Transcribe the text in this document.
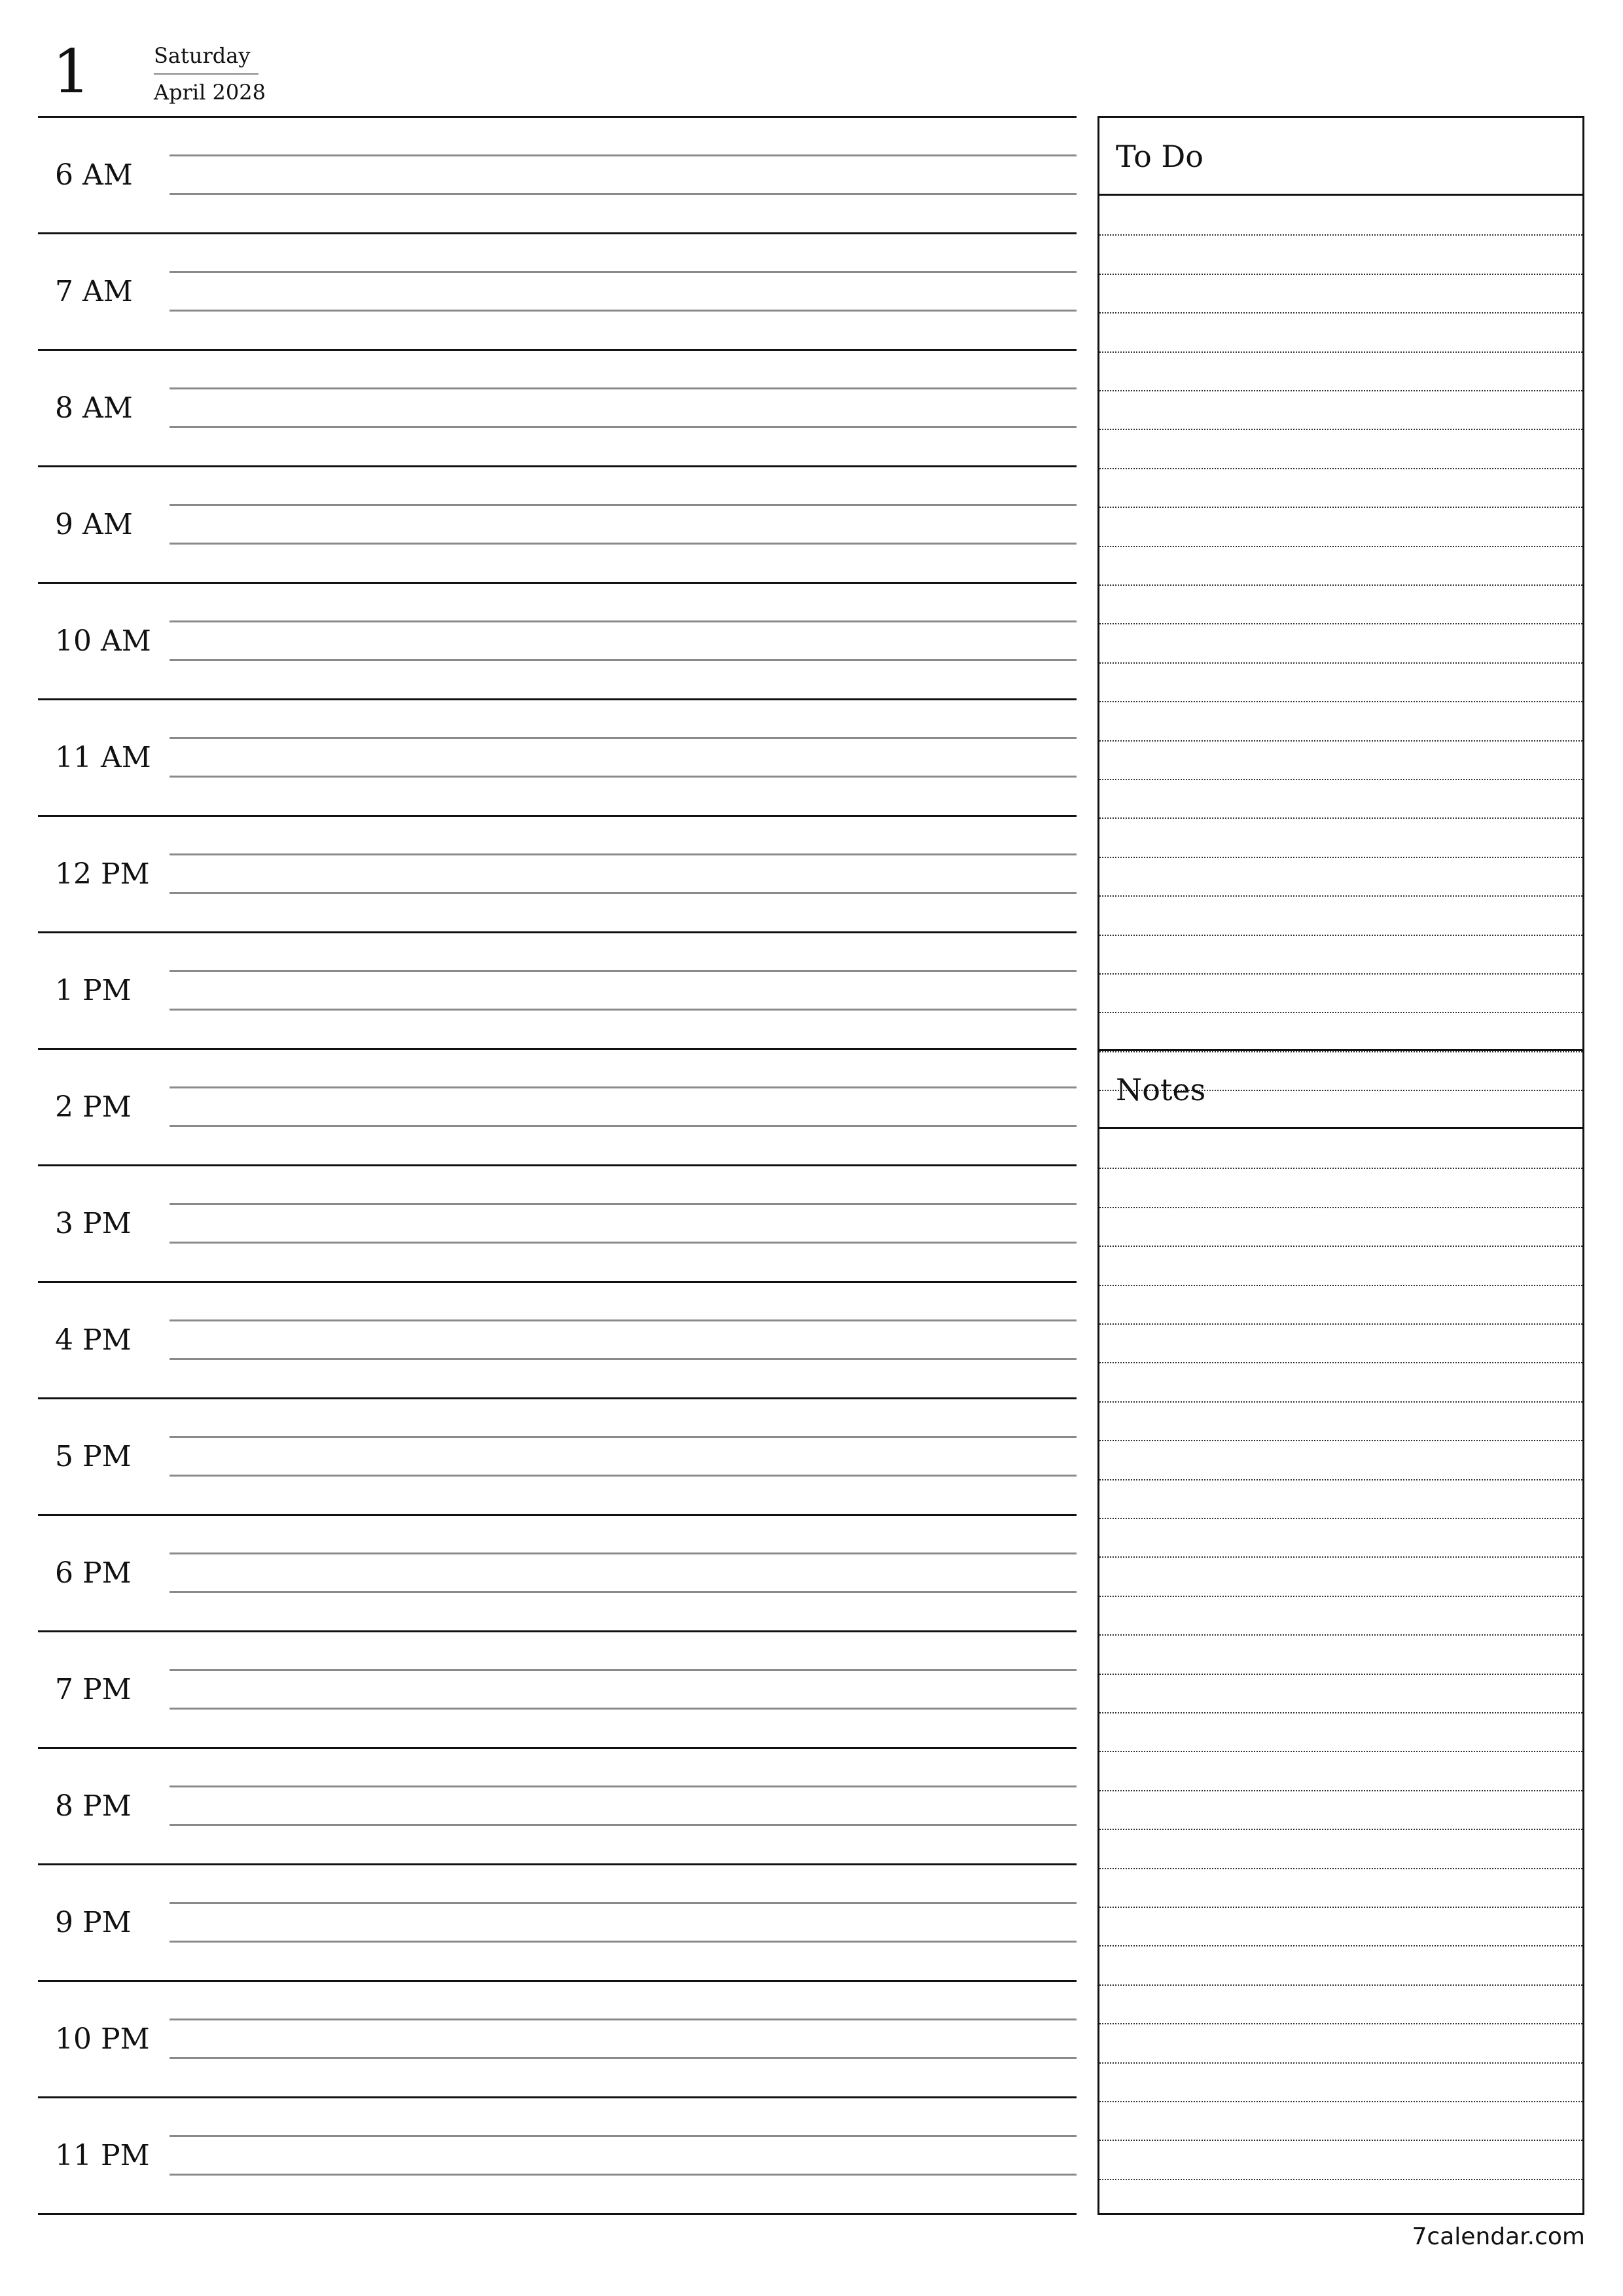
1	Saturday
April 2028
6 AM
7 AM
8 AM
9 AM
10 AM
11 AM
12 PM
1 PM
2 PM
3 PM
4 PM
5 PM
6 PM
7 PM
8 PM
9 PM
10 PM
11 PM
To Do
Notes
7calendar.com
